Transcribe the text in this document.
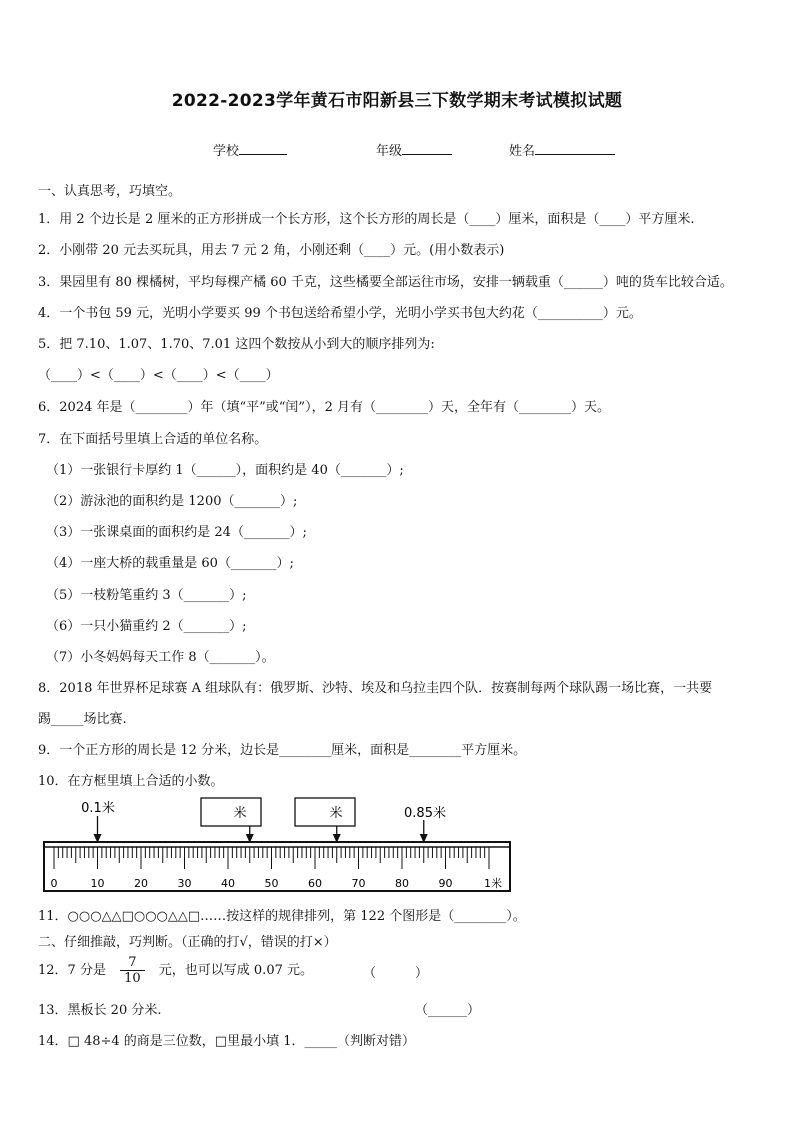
2022-2023学年黄石市阳新县三下数学期末考试模拟试题
学校	年级	姓名
一、认真思考，巧填空。
1．用 2 个边长是 2 厘米的正方形拼成一个长方形，这个长方形的周长是（____）厘米，面积是（____）平方厘米.
2．小刚带 20 元去买玩具，用去 7 元 2 角，小刚还剩（____）元。(用小数表示)
3．果园里有 80 棵橘树，平均每棵产橘 60 千克，这些橘要全部运往市场，安排一辆载重（______）吨的货车比较合适。
4．一个书包 59 元，光明小学要买 99 个书包送给希望小学，光明小学买书包大约花（__________）元。
5．把 7.10、1.07、1.70、7.01 这四个数按从小到大的顺序排列为:
（____）<（____）<（____）<（____）
6．2024 年是（________）年（填“平”或“闰”），2 月有（________）天，全年有（________）天。
7．在下面括号里填上合适的单位名称。
（1）一张银行卡厚约 1（______），面积约是 40（_______）;
（2）游泳池的面积约是 1200（_______）;
（3）一张课桌面的面积约是 24（_______）;
（4）一座大桥的载重量是 60（_______）;
（5）一枝粉笔重约 3（_______）;
（6）一只小猫重约 2（_______）;
（7）小冬妈妈每天工作 8（_______）。
8．2018 年世界杯足球赛 A 组球队有：俄罗斯、沙特、埃及和乌拉圭四个队．按赛制每两个球队踢一场比赛，一共要
踢_____场比赛.
9．一个正方形的周长是 12 分米，边长是________厘米，面积是________平方厘米。
10．在方框里填上合适的小数。
0.1米	米	米	0.85米
0	10	20	30	40	50	60	70	80	90	1米
11．○○○△△□○○○△△□……按这样的规律排列，第 122 个图形是（________）。
二、仔细推敲，巧判断。（正确的打√，错误的打×）
12．7 分是 $\frac{7}{10}$ 元，也可以写成 0.07 元。	（　　　）
13．黑板长 20 分米.	（______）
14．□ 48÷4 的商是三位数，□里最小填 1．_____（判断对错）
